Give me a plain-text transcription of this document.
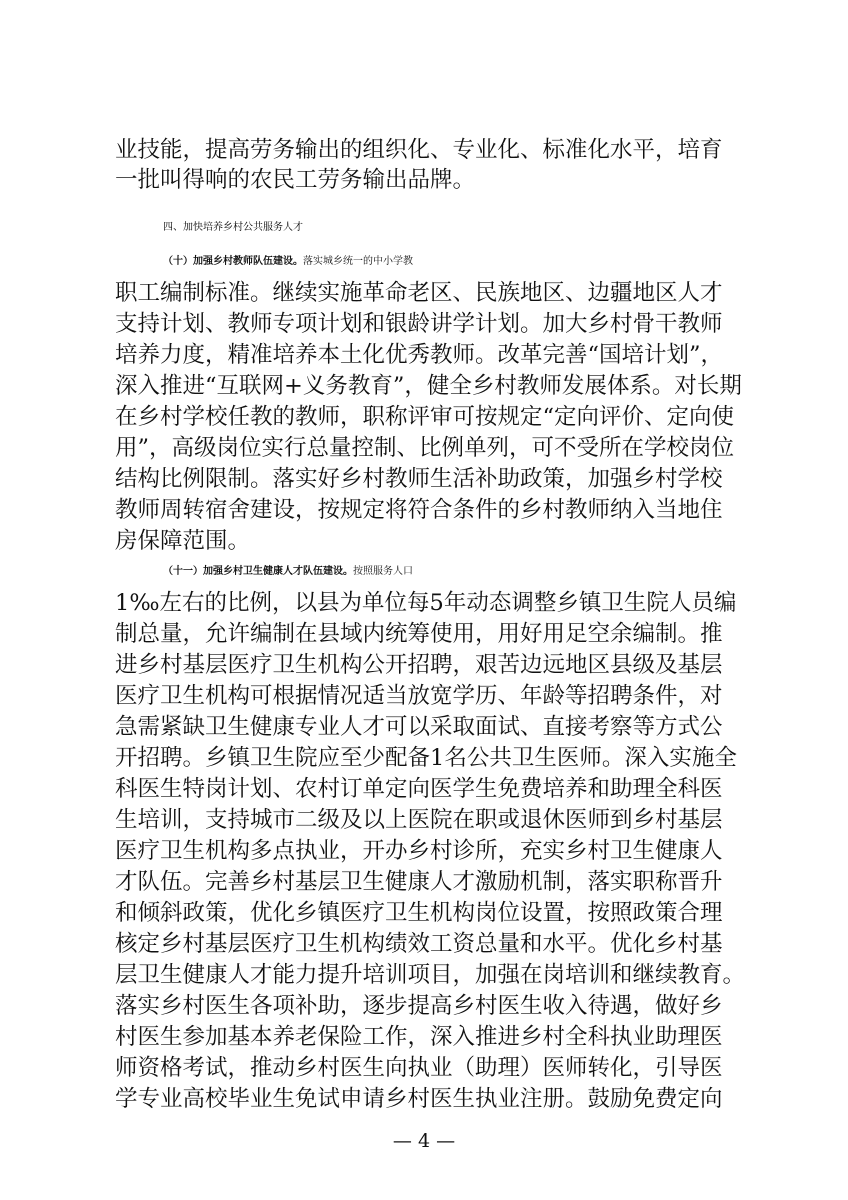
业技能，提高劳务输出的组织化、专业化、标准化水平，培育
一批叫得响的农民工劳务输出品牌。
四、加快培养乡村公共服务人才
（十）加强乡村教师队伍建设。落实城乡统一的中小学教
职工编制标准。继续实施革命老区、民族地区、边疆地区人才
支持计划、教师专项计划和银龄讲学计划。加大乡村骨干教师
培养力度，精准培养本土化优秀教师。改革完善“国培计划”，
深入推进“互联网+义务教育”，健全乡村教师发展体系。对长期
在乡村学校任教的教师，职称评审可按规定“定向评价、定向使
用”，高级岗位实行总量控制、比例单列，可不受所在学校岗位
结构比例限制。落实好乡村教师生活补助政策，加强乡村学校
教师周转宿舍建设，按规定将符合条件的乡村教师纳入当地住
房保障范围。
（十一）加强乡村卫生健康人才队伍建设。按照服务人口
1‰左右的比例，以县为单位每5年动态调整乡镇卫生院人员编
制总量，允许编制在县域内统筹使用，用好用足空余编制。推
进乡村基层医疗卫生机构公开招聘，艰苦边远地区县级及基层
医疗卫生机构可根据情况适当放宽学历、年龄等招聘条件，对
急需紧缺卫生健康专业人才可以采取面试、直接考察等方式公
开招聘。乡镇卫生院应至少配备1名公共卫生医师。深入实施全
科医生特岗计划、农村订单定向医学生免费培养和助理全科医
生培训，支持城市二级及以上医院在职或退休医师到乡村基层
医疗卫生机构多点执业，开办乡村诊所，充实乡村卫生健康人
才队伍。完善乡村基层卫生健康人才激励机制，落实职称晋升
和倾斜政策，优化乡镇医疗卫生机构岗位设置，按照政策合理
核定乡村基层医疗卫生机构绩效工资总量和水平。优化乡村基
层卫生健康人才能力提升培训项目，加强在岗培训和继续教育。
落实乡村医生各项补助，逐步提高乡村医生收入待遇，做好乡
村医生参加基本养老保险工作，深入推进乡村全科执业助理医
师资格考试，推动乡村医生向执业（助理）医师转化，引导医
学专业高校毕业生免试申请乡村医生执业注册。鼓励免费定向
— 4 —
